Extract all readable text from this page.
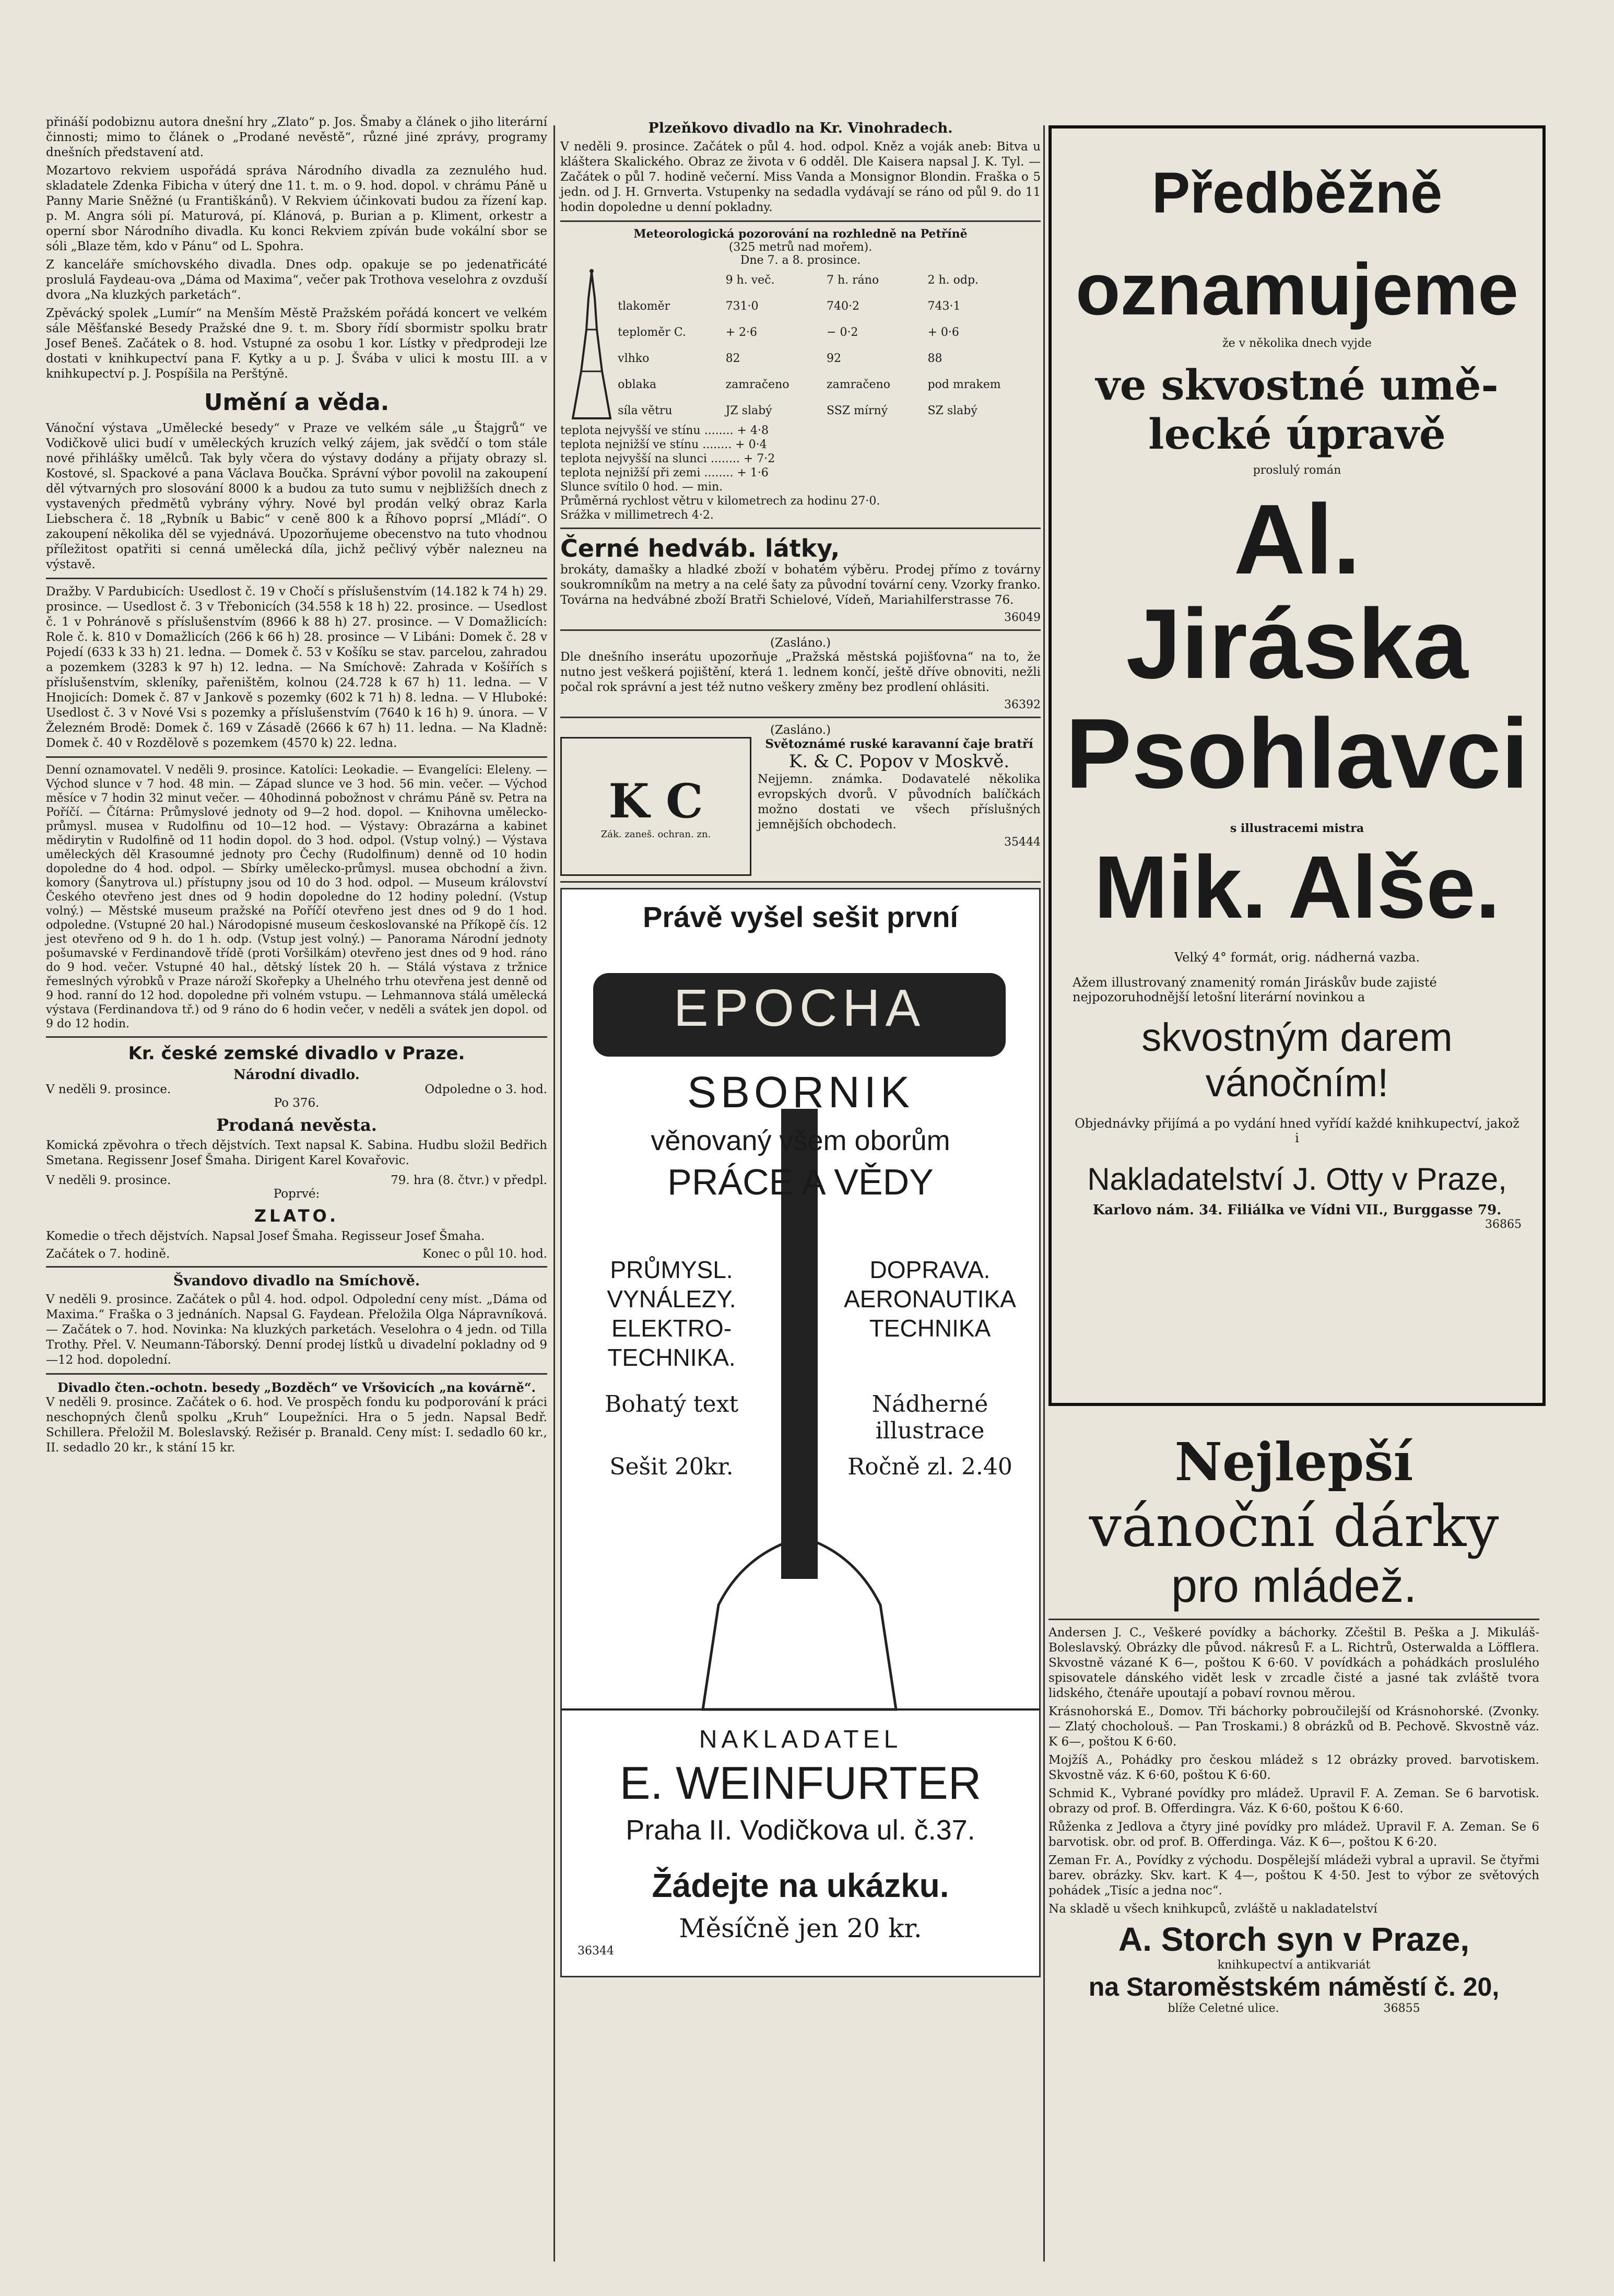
přináší podobiznu autora dnešní hry „Zlato“ p. Jos. Šmaby a článek o jiho literární činnosti; mimo to článek o „Prodané nevěstě“, různé jiné zprávy, programy dnešních představení atd.

Mozartovo rekviem uspořádá správa Národního divadla za zeznulého hud. skladatele Zdenka Fibicha v úterý dne 11. t. m. o 9. hod. dopol. v chrámu Páně u Panny Marie Sněžné (u Františkánů). V Rekviem účinkovati budou za řízení kap. p. M. Angra sóli pí. Maturová, pí. Klánová, p. Burian a p. Kliment, orkestr a operní sbor Národního divadla. Ku konci Rekviem zpíván bude vokální sbor se sóli „Blaze těm, kdo v Pánu“ od L. Spohra.

Z kanceláře smíchovského divadla. Dnes odp. opakuje se po jedenatřicáté proslulá Faydeau-ova „Dáma od Maxima“, večer pak Trothova veselohra z ovzduší dvora „Na kluzkých parketách“.

Zpěvácký spolek „Lumír“ na Menším Městě Pražském pořádá koncert ve velkém sále Měšťanské Besedy Pražské dne 9. t. m. Sbory řídí sbormistr spolku bratr Josef Beneš. Začátek o 8. hod. Vstupné za osobu 1 kor. Lístky v předprodeji lze dostati v knihkupectví pana F. Kytky a u p. J. Švába v ulici k mostu III. a v knihkupectví p. J. Pospíšila na Perštýně.

Umění a věda.

Vánoční výstava „Umělecké besedy“ v Praze ve velkém sále „u Štajgrů“ ve Vodičkově ulici budí v uměleckých kruzích velký zájem, jak svědčí o tom stále nové přihlášky umělců. Tak byly včera do výstavy dodány a přijaty obrazy sl. Kostové, sl. Spackové a pana Václava Boučka. Správní výbor povolil na zakoupení děl výtvarných pro slosování 8000 k a budou za tuto sumu v nejbližších dnech z vystavených předmětů vybrány výhry. Nové byl prodán velký obraz Karla Liebschera č. 18 „Rybník u Babic“ v ceně 800 k a Říhovo poprsí „Mládí“. O zakoupení několika děl se vyjednává. Upozorňujeme obecenstvo na tuto vhodnou příležitost opatřiti si cenná umělecká díla, jichž pečlivý výběr nalezneu na výstavě.

Dražby. V Pardubicích: Usedlost č. 19 v Chočí s příslušenstvím (14.182 k 74 h) 29. prosince. — Usedlost č. 3 v Třebonicích (34.558 k 18 h) 22. prosince. — Usedlost č. 1 v Pohránově s příslušenstvím (8966 k 88 h) 27. prosince. — V Domažlicích: Role č. k. 810 v Domažlicích (266 k 66 h) 28. prosince — V Libáni: Domek č. 28 v Pojedí (633 k 33 h) 21. ledna. — Domek č. 53 v Košíku se stav. parcelou, zahradou a pozemkem (3283 k 97 h) 12. ledna. — Na Smíchově: Zahrada v Košířích s příslušenstvím, skleníky, pařeništěm, kolnou (24.728 k 67 h) 11. ledna. — V Hnojicích: Domek č. 87 v Jankově s pozemky (602 k 71 h) 8. ledna. — V Hluboké: Usedlost č. 3 v Nové Vsi s pozemky a příslušenstvím (7640 k 16 h) 9. února. — V Železném Brodě: Domek č. 169 v Zásadě (2666 k 67 h) 11. ledna. — Na Kladně: Domek č. 40 v Rozdělově s pozemkem (4570 k) 22. ledna.

Denní oznamovatel. V neděli 9. prosince. Katolíci: Leokadie. — Evangelíci: Eleleny. — Východ slunce v 7 hod. 48 min. — Západ slunce ve 3 hod. 56 min. večer. — Východ měsíce v 7 hodin 32 minut večer. — 40hodinná pobožnost v chrámu Páně sv. Petra na Poříčí. — Čítárna: Průmyslové jednoty od 9—2 hod. dopol. — Knihovna umělecko-průmysl. musea v Rudolfinu od 10—12 hod. — Výstavy: Obrazárna a kabinet mědirytin v Rudolfině od 11 hodin dopol. do 3 hod. odpol. (Vstup volný.) — Výstava uměleckých děl Krasoumné jednoty pro Čechy (Rudolfinum) denně od 10 hodin dopoledne do 4 hod. odpol. — Sbírky umělecko-průmysl. musea obchodní a živn. komory (Šanytrova ul.) přístupny jsou od 10 do 3 hod. odpol. — Museum království Českého otevřeno jest dnes od 9 hodin dopoledne do 12 hodiny polední. (Vstup volný.) — Městské museum pražské na Poříčí otevřeno jest dnes od 9 do 1 hod. odpoledne. (Vstupné 20 hal.) Národopisné museum českoslovanské na Příkopě čís. 12 jest otevřeno od 9 h. do 1 h. odp. (Vstup jest volný.) — Panorama Národní jednoty pošumavské v Ferdinandově třídě (proti Voršilkám) otevřeno jest dnes od 9 hod. ráno do 9 hod. večer. Vstupné 40 hal., dětský lístek 20 h. — Stálá výstava z tržnice řemeslných výrobků v Praze nároží Skořepky a Uhelného trhu otevřena jest denně od 9 hod. ranní do 12 hod. dopoledne při volném vstupu. — Lehmannova stálá umělecká výstava (Ferdinandova tř.) od 9 ráno do 6 hodin večer, v neděli a svátek jen dopol. od 9 do 12 hodin.

Kr. české zemské divadlo v Praze.
Národní divadlo.
V neděli 9. prosince.	Odpoledne o 3. hod.
Po 376.
Prodaná nevěsta.

Komická zpěvohra o třech dějstvích. Text napsal K. Sabina. Hudbu složil Bedřich Smetana. Regissenr Josef Šmaha. Dirigent Karel Kovařovic.

V neděli 9. prosince.	79. hra (8. čtvr.) v předpl.
Poprvé:
ZLATO.

Komedie o třech dějstvích. Napsal Josef Šmaha. Regisseur Josef Šmaha.

Začátek o 7. hodině.	Konec o půl 10. hod.
Švandovo divadlo na Smíchově.

V neděli 9. prosince. Začátek o půl 4. hod. odpol. Odpolední ceny míst. „Dáma od Maxima.“ Fraška o 3 jednáních. Napsal G. Faydean. Přeložila Olga Nápravníková. — Začátek o 7. hod. Novinka: Na kluzkých parketách. Veselohra o 4 jedn. od Tilla Trothy. Přel. V. Neumann-Táborský. Denní prodej lístků u divadelní pokladny od 9—12 hod. dopolední.

Divadlo čten.-ochotn. besedy „Bozděch“ ve Vršovicích „na kovárně“.

V neděli 9. prosince. Začátek o 6. hod. Ve prospěch fondu ku podporování k práci neschopných členů spolku „Kruh“ Loupežníci. Hra o 5 jedn. Napsal Bedř. Schillera. Přeložil M. Boleslavský. Režisér p. Branald. Ceny míst: I. sedadlo 60 kr., II. sedadlo 20 kr., k stání 15 kr.

Plzeňkovo divadlo na Kr. Vinohradech.

V neděli 9. prosince. Začátek o půl 4. hod. odpol. Kněz a voják aneb: Bitva u kláštera Skalického. Obraz ze života v 6 odděl. Dle Kaisera napsal J. K. Tyl. — Začátek o půl 7. hodině večerní. Miss Vanda a Monsignor Blondin. Fraška o 5 jedn. od J. H. Grnverta. Vstupenky na sedadla vydávají se ráno od půl 9. do 11 hodin dopoledne u denní pokladny.

Meteorologická pozorování na rozhledně na Petříně
(325 metrů nad mořem).
Dne 7. a 8. prosince.
	9 h. več.	7 h. ráno	2 h. odp.
tlakoměr	731·0	740·2	743·1
teploměr C.	+ 2·6	− 0·2	+ 0·6
vlhko	82	92	88
oblaka	zamračeno	zamračeno	pod mrakem
síla větru	JZ slabý	SSZ mírný	SZ slabý
teplota nejvyšší ve stínu ........ + 4·8
teplota nejnižší ve stínu ........ + 0·4
teplota nejvyšší na slunci ........ + 7·2
teplota nejnižší při zemi ........ + 1·6
Slunce svítilo 0 hod. — min.
Průměrná rychlost větru v kilometrech za hodinu 27·0.
Srážka v millimetrech 4·2.
Černé hedváb. látky,

brokáty, damašky a hladké zboží v bohatém výběru. Prodej přímo z továrny soukromníkům na metry a na celé šaty za původní tovární ceny. Vzorky franko. Továrna na hedvábné zboží Bratři Schielové, Vídeň, Mariahilferstrasse 76.

36049
(Zasláno.)

Dle dnešního inserátu upozorňuje „Pražská městská pojišťovna“ na to, že nutno jest veškerá pojištění, která 1. lednem končí, ještě dříve obnoviti, nežli počal rok správní a jest též nutno veškery změny bez prodlení ohlásiti.

36392
(Zasláno.)
K C
Zák. zaneš. ochran. zn.
Světoznámé ruské karavanní čaje bratří
K. & C. Popov v Moskvě.

Nejjemn. známka. Dodavatelé několika evropských dvorů. V původních balíčkách možno dostati ve všech příslušných jemnějších obchodech.

35444
Právě vyšel sešit první
EPOCHA
SBORNIK
věnovaný všem oborům
PRÁCE A VĚDY
PRŮMYSL.
VYNÁLEZY.
ELEKTRO-
TECHNIKA.
DOPRAVA.
AERONAUTIKA
TECHNIKA
Bohatý text	Nádherné illustrace
Sešit 20kr.	Ročně zl. 2.40
NAKLADATEL
E. WEINFURTER
Praha II. Vodičkova ul. č.37.
Žádejte na ukázku.
Měsíčně jen 20 kr.
36344
Předběžně
oznamujeme
že v několika dnech vyjde
ve skvostné umě-
lecké úpravě
proslulý román
Al. Jiráska
Psohlavci
s illustracemi mistra
Mik. Alše.
Velký 4° formát, orig. nádherná vazba.
Ažem illustrovaný znamenitý román Jiráskův bude zajisté nejpozoruhodnější letošní literární novinkou a
skvostným darem vánočním!
Objednávky přijímá a po vydání hned vyřídí každé knihkupectví, jakož i
Nakladatelství J. Otty v Praze,
Karlovo nám. 34. Filiálka ve Vídni VII., Burggasse 79.
36865
Nejlepší
vánoční dárky
pro mládež.

Andersen J. C., Veškeré povídky a báchorky. Zčeštil B. Peška a J. Mikuláš-Boleslavský. Obrázky dle původ. nákresů F. a L. Richtrů, Osterwalda a Löfflera. Skvostně vázané K 6—, poštou K 6·60. V povídkách a pohádkách proslulého spisovatele dánského vidět lesk v zrcadle čisté a jasné tak zvláště tvora lidského, čtenáře upoutají a pobaví rovnou měrou.

Krásnohorská E., Domov. Tři báchorky pobroučilejší od Krásnohorské. (Zvonky. — Zlatý chocholouš. — Pan Troskami.) 8 obrázků od B. Pechově. Skvostně váz. K 6—, poštou K 6·60.

Mojžíš A., Pohádky pro českou mládež s 12 obrázky proved. barvotiskem. Skvostně váz. K 6·60, poštou K 6·60.

Schmid K., Vybrané povídky pro mládež. Upravil F. A. Zeman. Se 6 barvotisk. obrazy od prof. B. Offerdingra. Váz. K 6·60, poštou K 6·60.

Růženka z Jedlova a čtyry jiné povídky pro mládež. Upravil F. A. Zeman. Se 6 barvotisk. obr. od prof. B. Offerdinga. Váz. K 6—, poštou K 6·20.

Zeman Fr. A., Povídky z východu. Dospělejší mládeži vybral a upravil. Se čtyřmi barev. obrázky. Skv. kart. K 4—, poštou K 4·50. Jest to výbor ze světových pohádek „Tisíc a jedna noc“.

Na skladě u všech knihkupců, zvláště u nakladatelství

A. Storch syn v Praze,
knihkupectví a antikvariát
na Staroměstském náměstí č. 20,
blíže Celetné ulice.	36855
